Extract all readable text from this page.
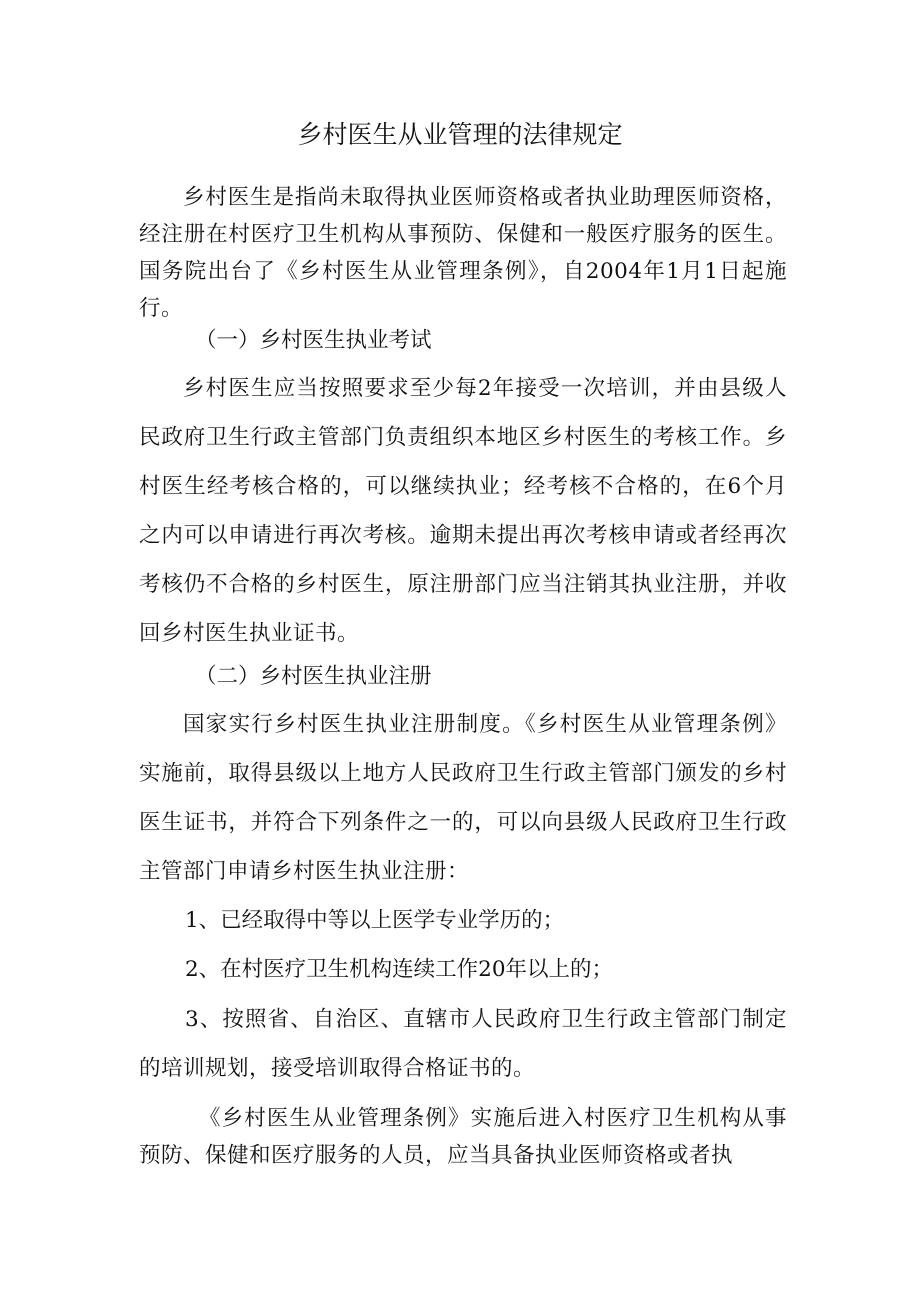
乡村医生从业管理的法律规定
乡村医生是指尚未取得执业医师资格或者执业助理医师资格，经注册在村医疗卫生机构从事预防、保健和一般医疗服务的医生。国务院出台了《乡村医生从业管理条例》，自2004年1月1日起施行。
（一）乡村医生执业考试
乡村医生应当按照要求至少每2年接受一次培训，并由县级人民政府卫生行政主管部门负责组织本地区乡村医生的考核工作。乡村医生经考核合格的，可以继续执业；经考核不合格的，在6个月之内可以申请进行再次考核。逾期未提出再次考核申请或者经再次考核仍不合格的乡村医生，原注册部门应当注销其执业注册，并收回乡村医生执业证书。
（二）乡村医生执业注册
国家实行乡村医生执业注册制度。《乡村医生从业管理条例》实施前，取得县级以上地方人民政府卫生行政主管部门颁发的乡村医生证书，并符合下列条件之一的，可以向县级人民政府卫生行政主管部门申请乡村医生执业注册：
1、已经取得中等以上医学专业学历的；
2、在村医疗卫生机构连续工作20年以上的；
3、按照省、自治区、直辖市人民政府卫生行政主管部门制定的培训规划，接受培训取得合格证书的。
《乡村医生从业管理条例》实施后进入村医疗卫生机构从事预防、保健和医疗服务的人员，应当具备执业医师资格或者执
